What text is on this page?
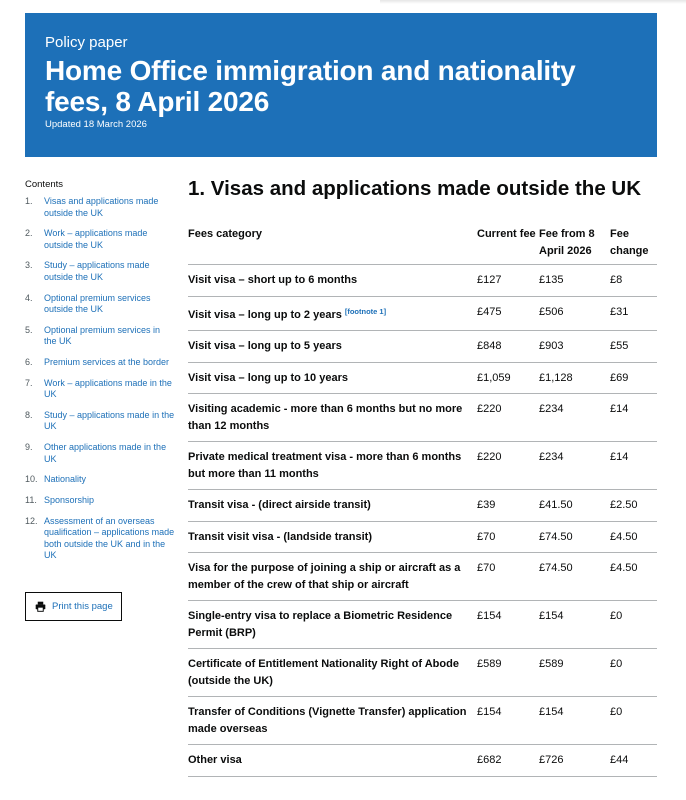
Policy paper
Home Office immigration and nationality fees, 8 April 2026
Updated 18 March 2026
Contents
1.	Visas and applications made outside the UK
2.	Work – applications made outside the UK
3.	Study – applications made outside the UK
4.	Optional premium services outside the UK
5.	Optional premium services in the UK
6.	Premium services at the border
7.	Work – applications made in the UK
8.	Study – applications made in the UK
9.	Other applications made in the UK
10. Nationality
11. Sponsorship
12. Assessment of an overseas qualification – applications made both outside the UK and in the UK
Print this page
1. Visas and applications made outside the UK
Fees category	Current fee	Fee from 8 April 2026	Fee change
Visit visa – short up to 6 months	£127	£135	£8
Visit visa – long up to 2 years [footnote 1]	£475	£506	£31
Visit visa – long up to 5 years	£848	£903	£55
Visit visa – long up to 10 years	£1,059	£1,128	£69
Visiting academic - more than 6 months but no more than 12 months	£220	£234	£14
Private medical treatment visa - more than 6 months but more than 11 months	£220	£234	£14
Transit visa - (direct airside transit)	£39	£41.50	£2.50
Transit visit visa - (landside transit)	£70	£74.50	£4.50
Visa for the purpose of joining a ship or aircraft as a member of the crew of that ship or aircraft	£70	£74.50	£4.50
Single-entry visa to replace a Biometric Residence Permit (BRP)	£154	£154	£0
Certificate of Entitlement Nationality Right of Abode (outside the UK)	£589	£589	£0
Transfer of Conditions (Vignette Transfer) application made overseas	£154	£154	£0
Other visa	£682	£726	£44
